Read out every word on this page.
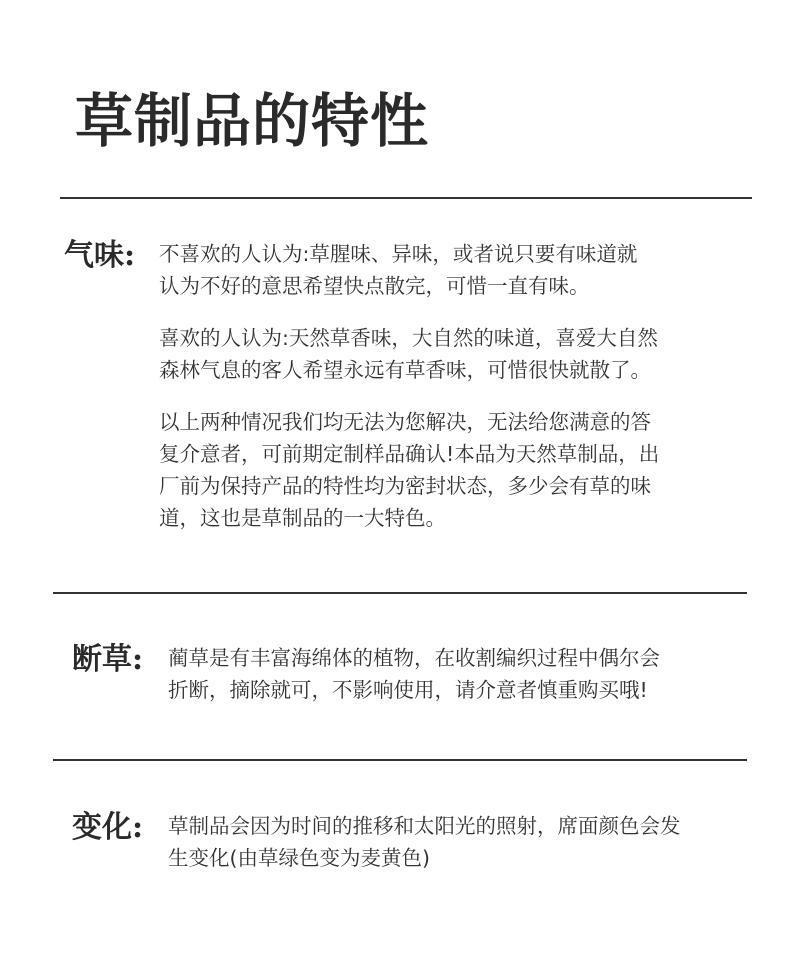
草制品的特性
气味: 不喜欢的人认为:草腥味、异味，或者说只要有味道就
认为不好的意思希望快点散完，可惜一直有味。

喜欢的人认为:天然草香味，大自然的味道，喜爱大自然
森林气息的客人希望永远有草香味，可惜很快就散了。

以上两种情况我们均无法为您解决，无法给您满意的答
复介意者，可前期定制样品确认!本品为天然草制品，出
厂前为保持产品的特性均为密封状态，多少会有草的味
道，这也是草制品的一大特色。

断草: 蔺草是有丰富海绵体的植物，在收割编织过程中偶尔会
折断，摘除就可，不影响使用，请介意者慎重购买哦!

变化: 草制品会因为时间的推移和太阳光的照射，席面颜色会发
生变化(由草绿色变为麦黄色)
